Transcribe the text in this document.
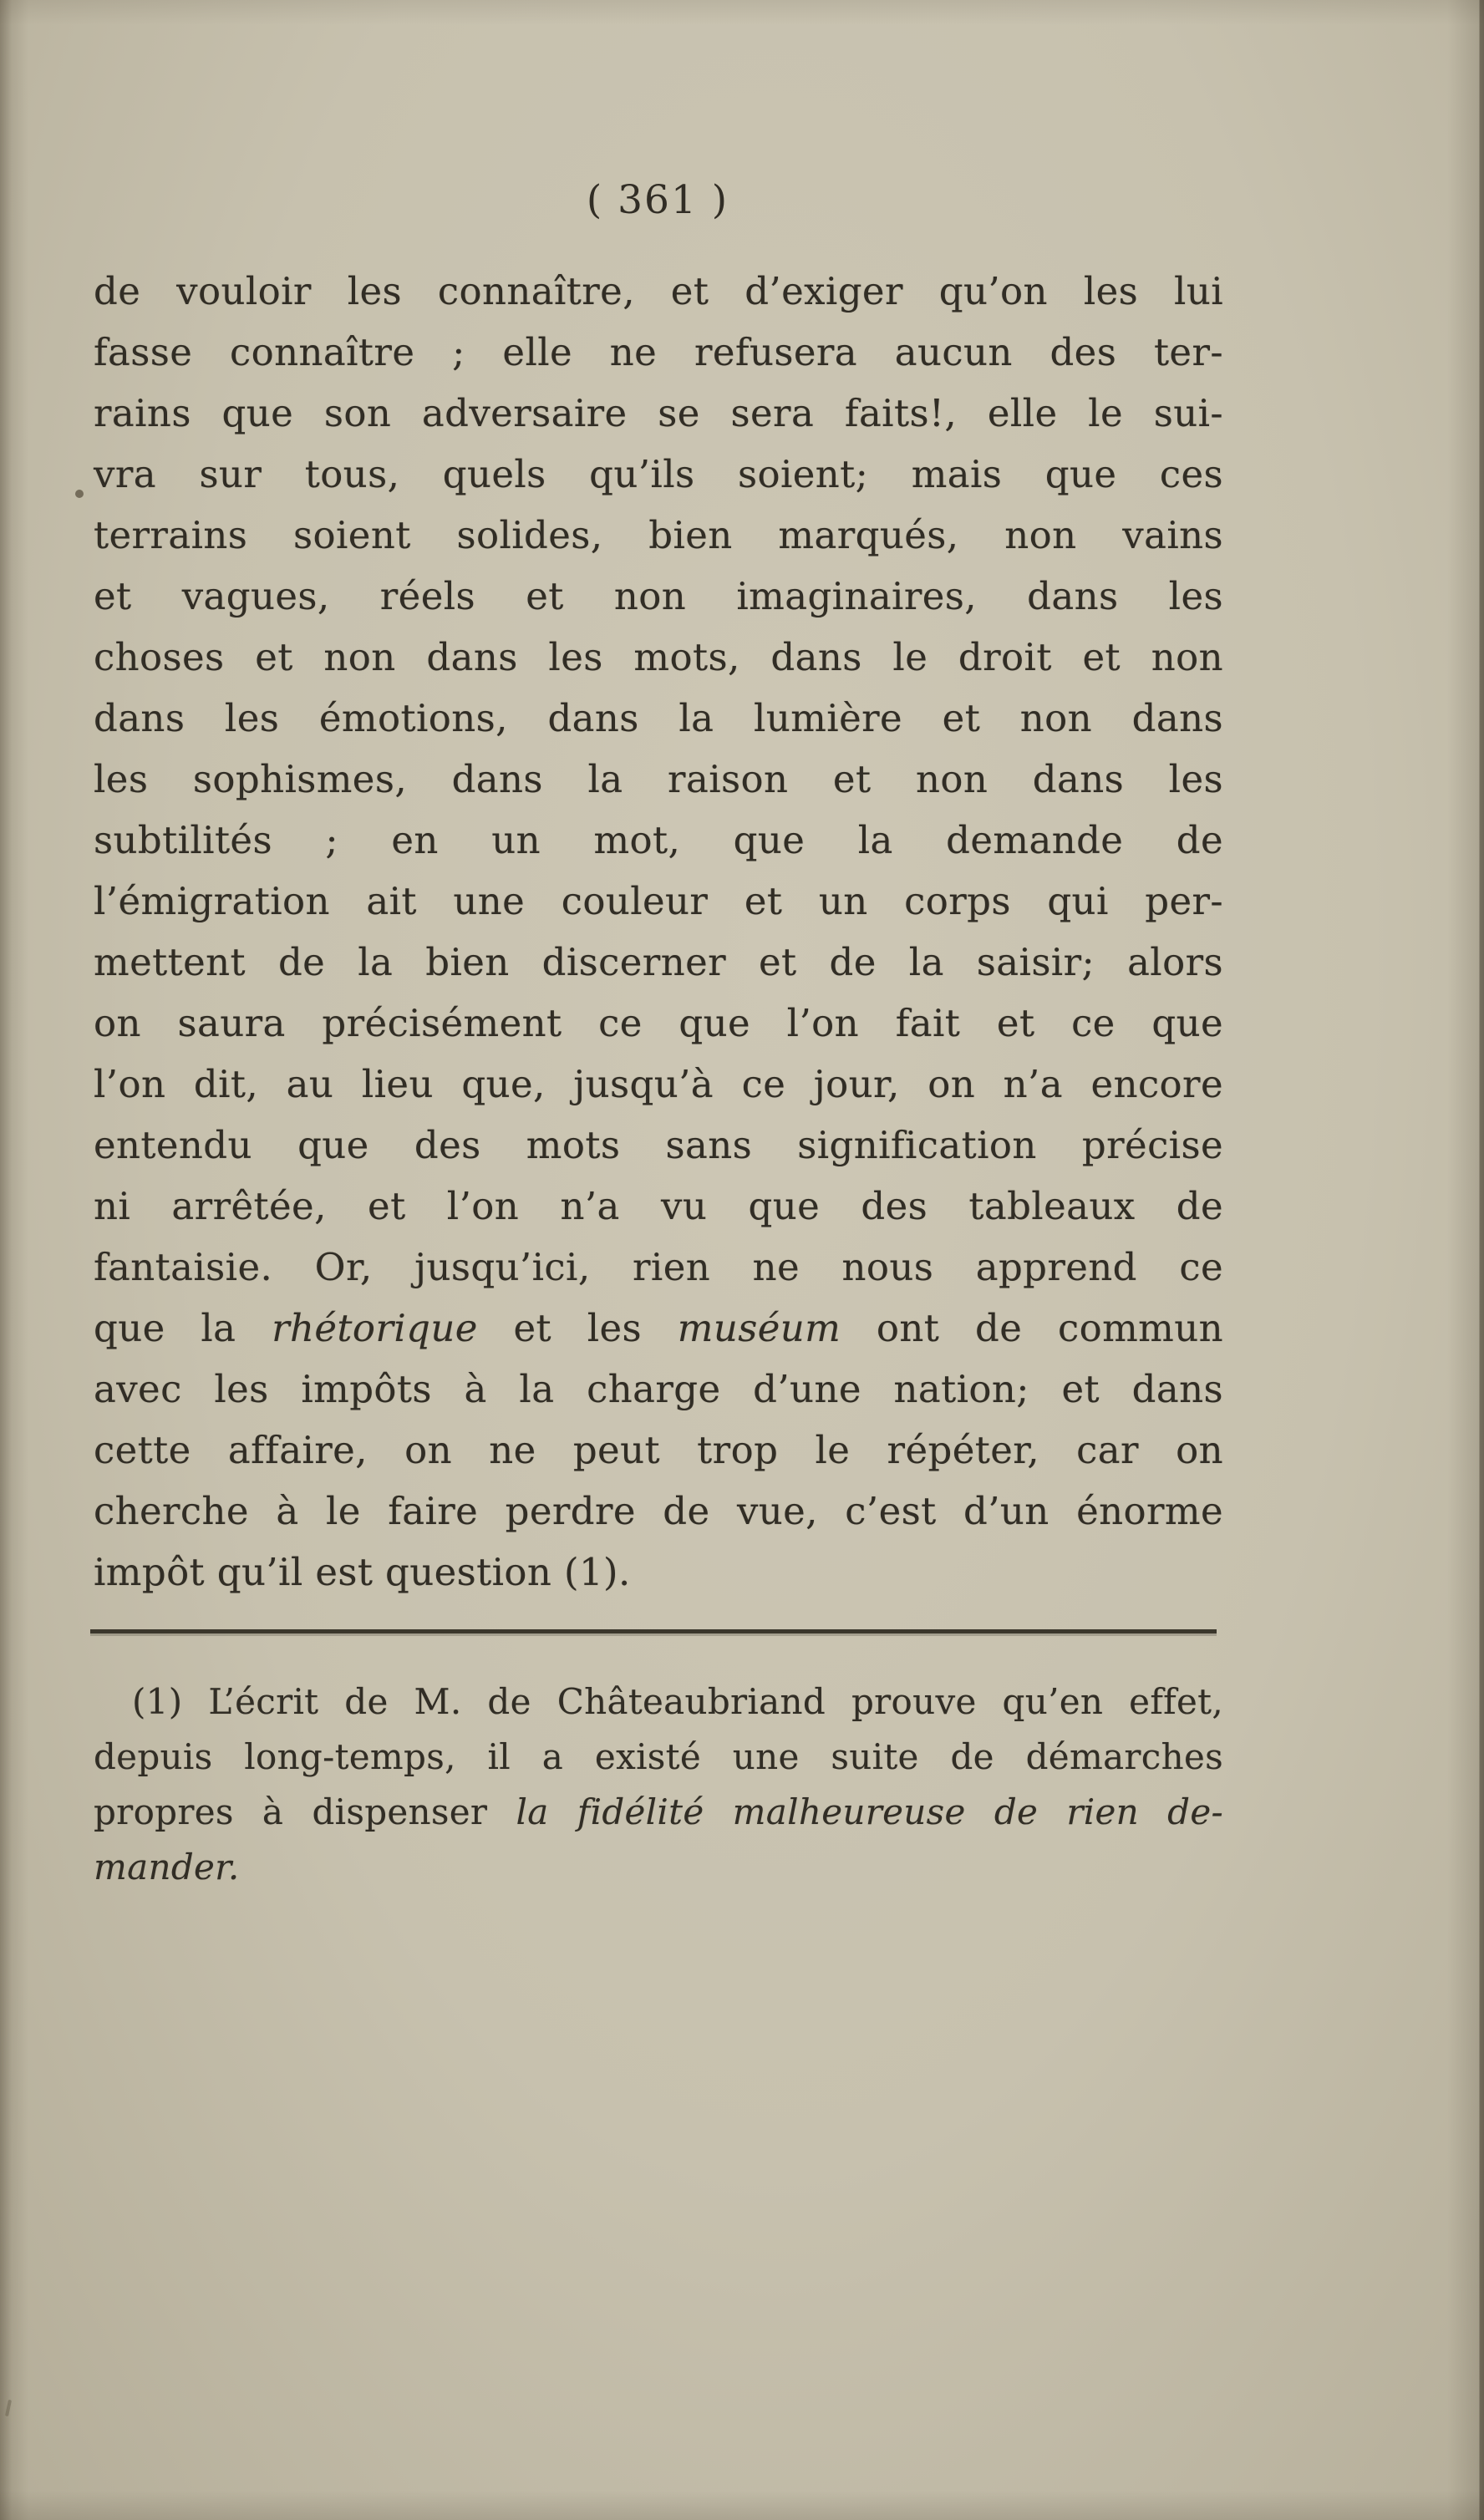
( 361 )
de vouloir les connaître, et d’exiger qu’on les lui
fasse connaître ; elle ne refusera aucun des ter-
rains que son adversaire se sera faits!, elle le sui-
vra sur tous, quels qu’ils soient; mais que ces
terrains soient solides, bien marqués, non vains
et vagues, réels et non imaginaires, dans les
choses et non dans les mots, dans le droit et non
dans les émotions, dans la lumière et non dans
les sophismes, dans la raison et non dans les
subtilités ; en un mot, que la demande de
l’émigration ait une couleur et un corps qui per-
mettent de la bien discerner et de la saisir; alors
on saura précisément ce que l’on fait et ce que
l’on dit, au lieu que, jusqu’à ce jour, on n’a encore
entendu que des mots sans signification précise
ni arrêtée, et l’on n’a vu que des tableaux de
fantaisie. Or, jusqu’ici, rien ne nous apprend ce
que la rhétorique et les muséum ont de commun
avec les impôts à la charge d’une nation; et dans
cette affaire, on ne peut trop le répéter, car on
cherche à le faire perdre de vue, c’est d’un énorme
impôt qu’il est question (1).
(1) L’écrit de M. de Châteaubriand prouve qu’en effet,
depuis long-temps, il a existé une suite de démarches
propres à dispenser la fidélité malheureuse de rien de-
mander.
